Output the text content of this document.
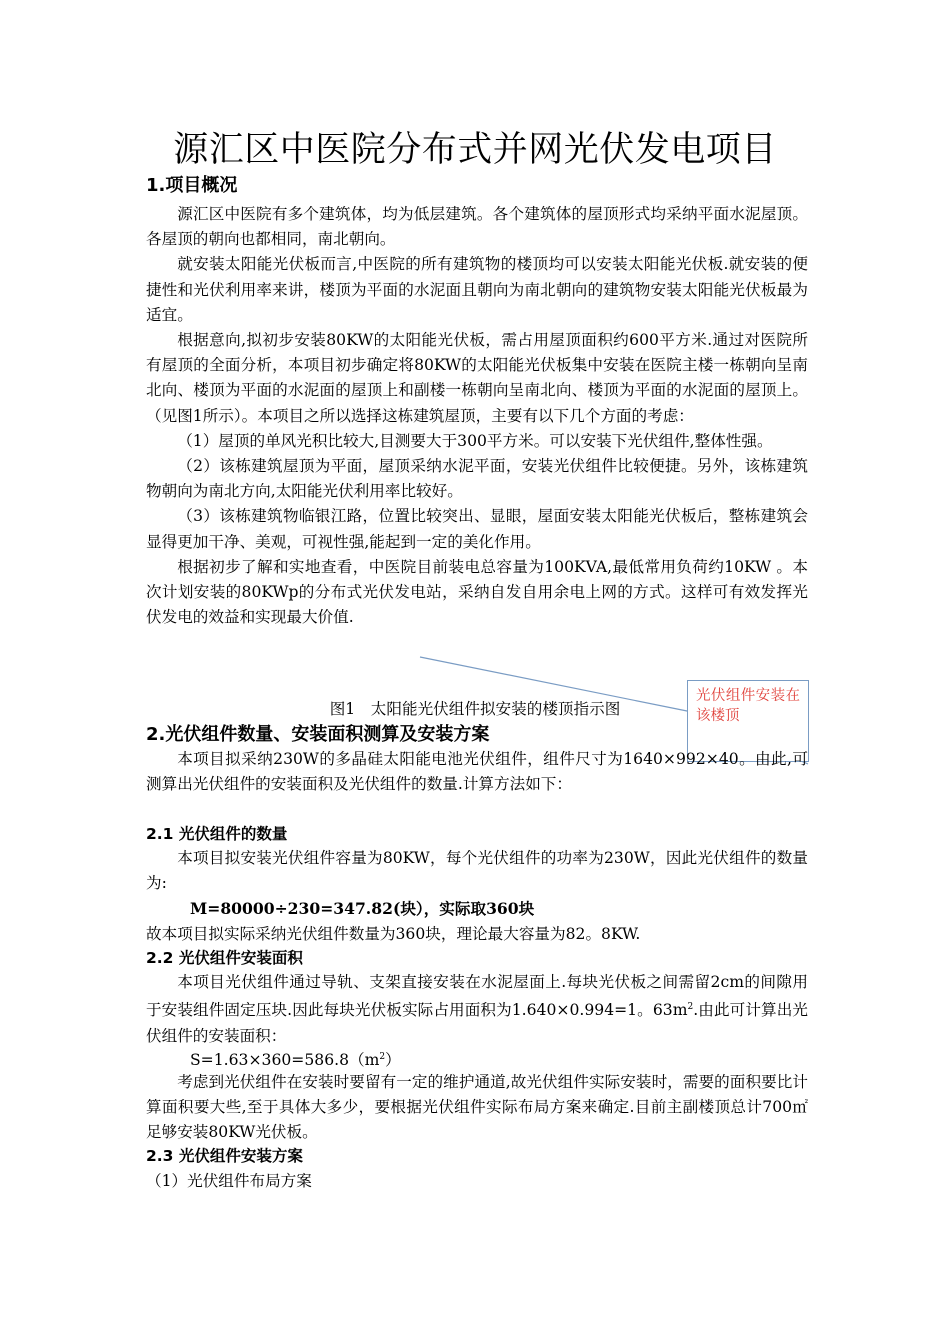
源汇区中医院分布式并网光伏发电项目
1.项目概况

源汇区中医院有多个建筑体，均为低层建筑。各个建筑体的屋顶形式均采纳平面水泥屋顶。各屋顶的朝向也都相同，南北朝向。

就安装太阳能光伏板而言,中医院的所有建筑物的楼顶均可以安装太阳能光伏板.就安装的便捷性和光伏利用率来讲，楼顶为平面的水泥面且朝向为南北朝向的建筑物安装太阳能光伏板最为适宜。

根据意向,拟初步安装80KW的太阳能光伏板，需占用屋顶面积约600平方米.通过对医院所有屋顶的全面分析，本项目初步确定将80KW的太阳能光伏板集中安装在医院主楼一栋朝向呈南北向、楼顶为平面的水泥面的屋顶上和副楼一栋朝向呈南北向、楼顶为平面的水泥面的屋顶上。（见图1所示）。本项目之所以选择这栋建筑屋顶，主要有以下几个方面的考虑：

（1）屋顶的单风光积比较大,目测要大于300平方米。可以安装下光伏组件,整体性强。

（2）该栋建筑屋顶为平面，屋顶采纳水泥平面，安装光伏组件比较便捷。另外，该栋建筑物朝向为南北方向,太阳能光伏利用率比较好。

（3）该栋建筑物临银江路，位置比较突出、显眼，屋面安装太阳能光伏板后，整栋建筑会显得更加干净、美观，可视性强,能起到一定的美化作用。

根据初步了解和实地查看，中医院目前装电总容量为100KVA,最低常用负荷约10KW 。本次计划安装的80KWp的分布式光伏发电站，采纳自发自用余电上网的方式。这样可有效发挥光伏发电的效益和实现最大价值.

图1　太阳能光伏组件拟安装的楼顶指示图
光伏组件安装在该楼顶
2.光伏组件数量、安装面积测算及安装方案

本项目拟采纳230W的多晶硅太阳能电池光伏组件，组件尺寸为1640×992×40。由此,可测算出光伏组件的安装面积及光伏组件的数量.计算方法如下：

2.1 光伏组件的数量

本项目拟安装光伏组件容量为80KW，每个光伏组件的功率为230W，因此光伏组件的数量为:

M=80000÷230=347.82(块），实际取360块

故本项目拟实际采纳光伏组件数量为360块，理论最大容量为82。8KW.

2.2 光伏组件安装面积

本项目光伏组件通过导轨、支架直接安装在水泥屋面上.每块光伏板之间需留2cm的间隙用于安装组件固定压块.因此每块光伏板实际占用面积为1.640×0.994=1。$63m^2$.由此可计算出光伏组件的安装面积：

$S=1.63\times 360=586.8(m^2)$

考虑到光伏组件在安装时要留有一定的维护通道,故光伏组件实际安装时，需要的面积要比计算面积要大些,至于具体大多少，要根据光伏组件实际布局方案来确定.目前主副楼顶总计700㎡足够安装80KW光伏板。

2.3 光伏组件安装方案
（1）光伏组件布局方案
